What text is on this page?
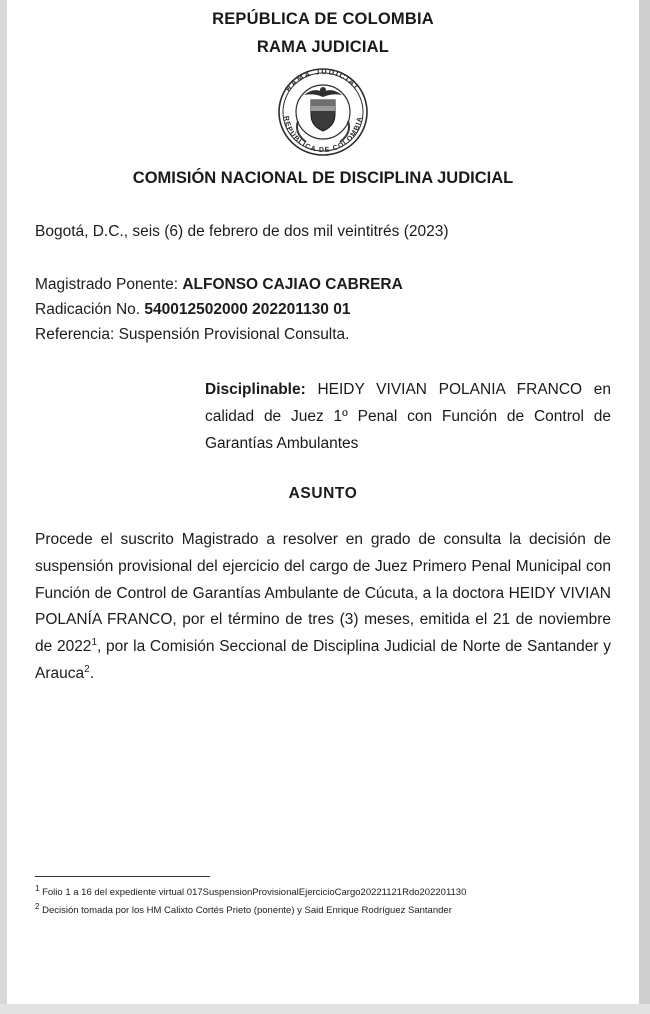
REPÚBLICA DE COLOMBIA
RAMA JUDICIAL
RAMA JUDICIAL
REPÚBLICA DE COLOMBIA
COMISIÓN NACIONAL DE DISCIPLINA JUDICIAL
Bogotá, D.C., seis (6) de febrero de dos mil veintitrés (2023)
Magistrado Ponente: ALFONSO CAJIAO CABRERA
Radicación No. 540012502000 202201130 01
Referencia: Suspensión Provisional Consulta.
Disciplinable: HEIDY VIVIAN POLANIA FRANCO en calidad de Juez 1º Penal con Función de Control de Garantías Ambulantes
ASUNTO
Procede el suscrito Magistrado a resolver en grado de consulta la decisión de suspensión provisional del ejercicio del cargo de Juez Primero Penal Municipal con Función de Control de Garantías Ambulante de Cúcuta, a la doctora HEIDY VIVIAN POLANÍA FRANCO, por el término de tres (3) meses, emitida el 21 de noviembre de 2022$^1$, por la Comisión Seccional de Disciplina Judicial de Norte de Santander y Arauca$^2$.
$^1$ Folio 1 a 16 del expediente virtual 017SuspensionProvisionalEjercicioCargo20221121Rdo202201130
$^2$ Decisión tomada por los HM Calixto Cortés Prieto (ponente) y Said Enrique Rodríguez Santander
